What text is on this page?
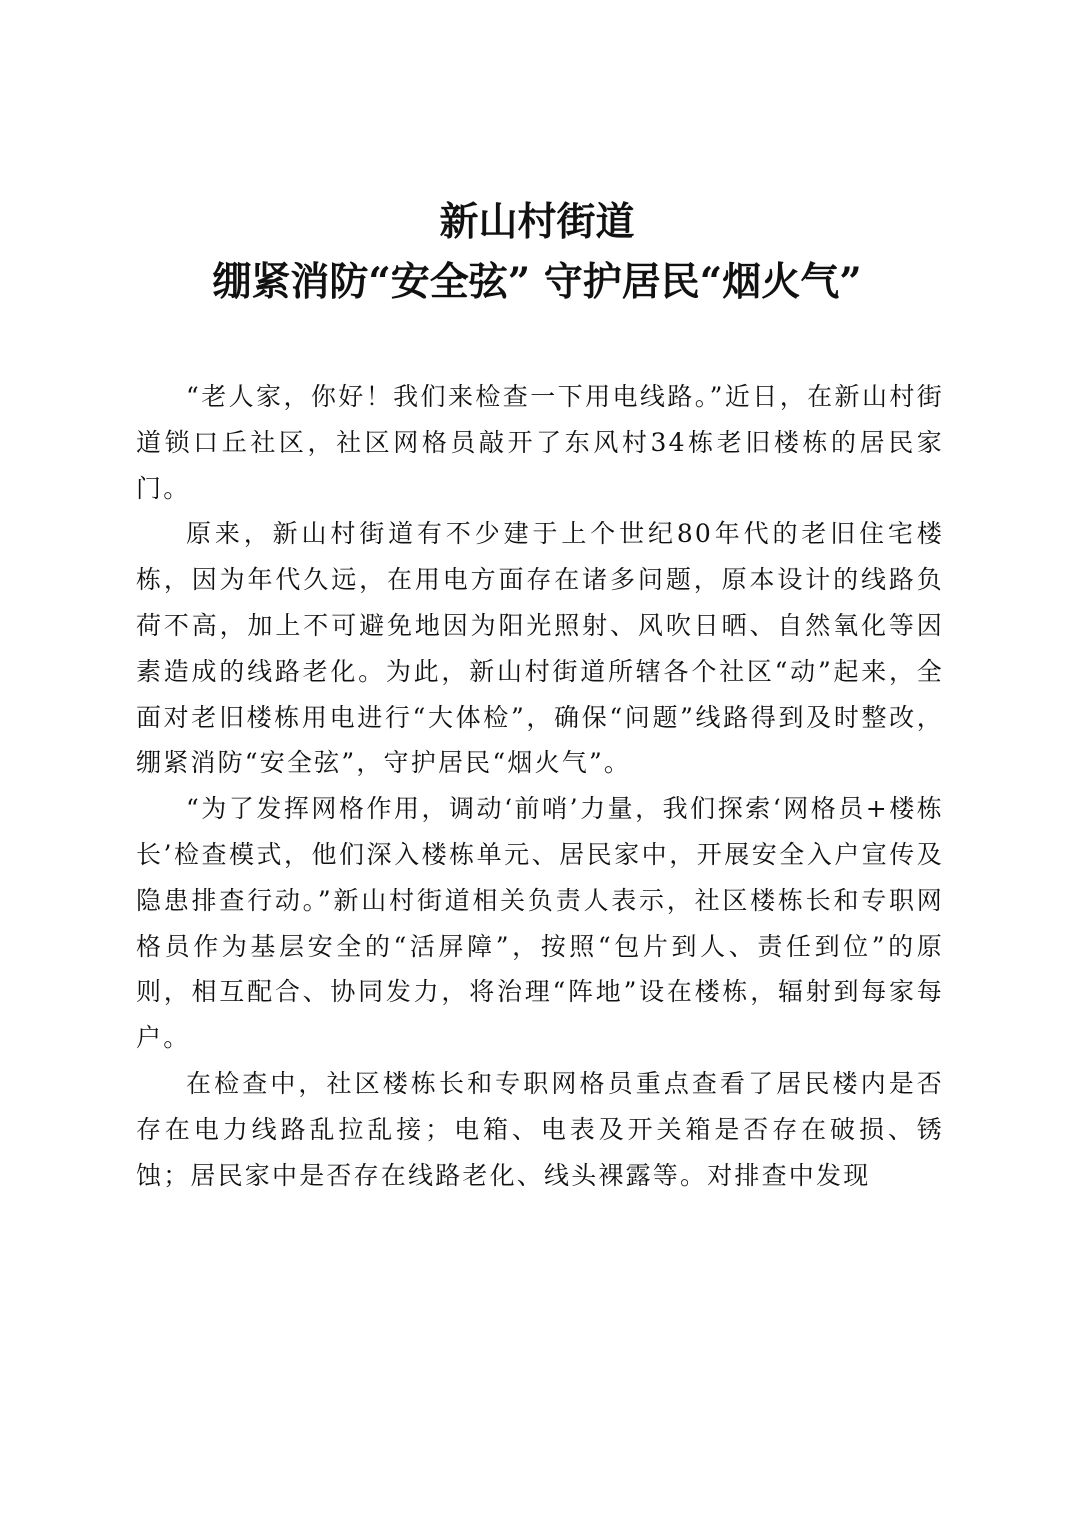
新山村街道
绷紧消防“安全弦” 守护居民“烟火气”

“老人家，你好！我们来检查一下用电线路。”近日，在新山村街道锁口丘社区，社区网格员敲开了东风村34栋老旧楼栋的居民家门。

原来，新山村街道有不少建于上个世纪80年代的老旧住宅楼栋，因为年代久远，在用电方面存在诸多问题，原本设计的线路负荷不高，加上不可避免地因为阳光照射、风吹日晒、自然氧化等因素造成的线路老化。为此，新山村街道所辖各个社区“动”起来，全面对老旧楼栋用电进行“大体检”，确保“问题”线路得到及时整改，绷紧消防“安全弦”，守护居民“烟火气”。

“为了发挥网格作用，调动‘前哨’力量，我们探索‘网格员+楼栋长’检查模式，他们深入楼栋单元、居民家中，开展安全入户宣传及隐患排查行动。”新山村街道相关负责人表示，社区楼栋长和专职网格员作为基层安全的“活屏障”，按照“包片到人、责任到位”的原则，相互配合、协同发力，将治理“阵地”设在楼栋，辐射到每家每户。

在检查中，社区楼栋长和专职网格员重点查看了居民楼内是否存在电力线路乱拉乱接；电箱、电表及开关箱是否存在破损、锈蚀；居民家中是否存在线路老化、线头裸露等。对排查中发现
